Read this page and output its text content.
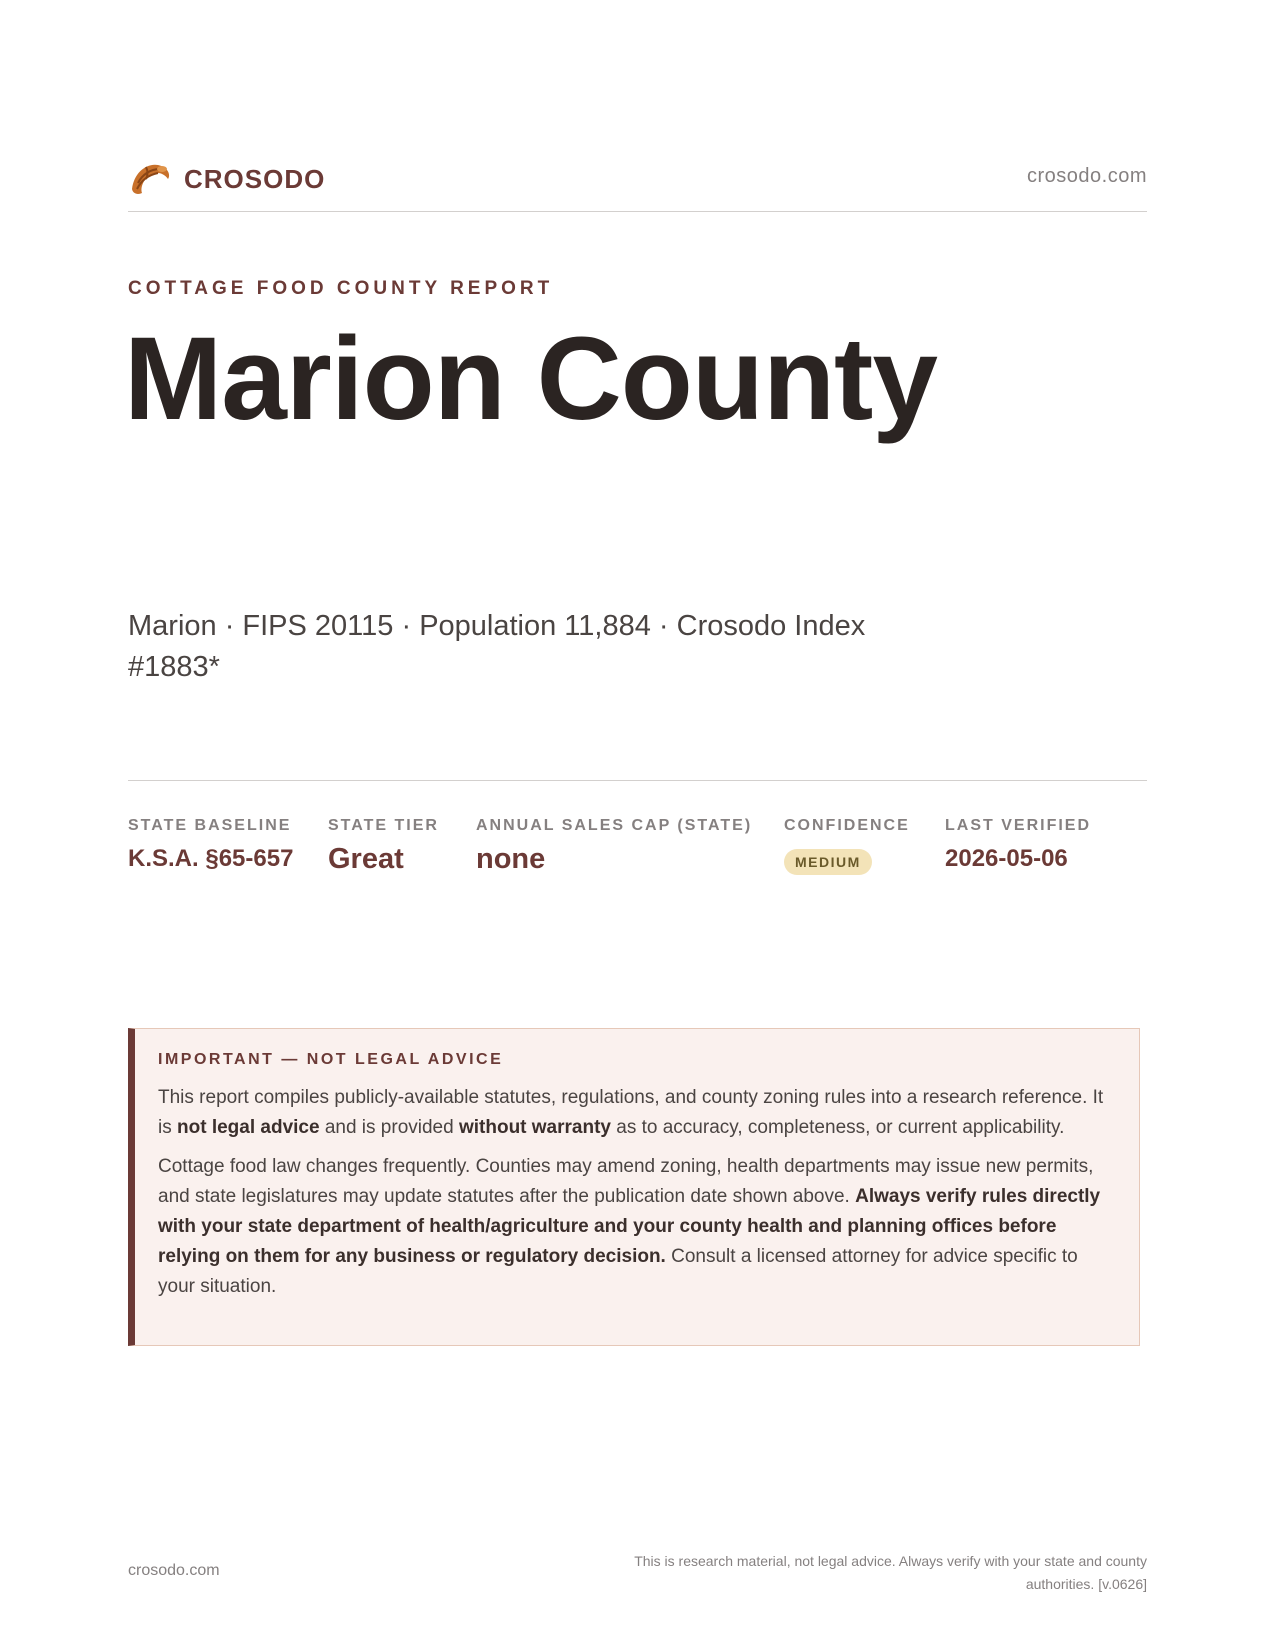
CROSODO	crosodo.com
COTTAGE FOOD COUNTY REPORT
Marion County
Marion · FIPS 20115 · Population 11,884 · Crosodo Index #1883*
STATE BASELINE
K.S.A. §65-657
STATE TIER
Great
ANNUAL SALES CAP (STATE)
none
CONFIDENCE
MEDIUM
LAST VERIFIED
2026-05-06
IMPORTANT — NOT LEGAL ADVICE

This report compiles publicly-available statutes, regulations, and county zoning rules into a research reference. It is not legal advice and is provided without warranty as to accuracy, completeness, or current applicability.

Cottage food law changes frequently. Counties may amend zoning, health departments may issue new permits, and state legislatures may update statutes after the publication date shown above. Always verify rules directly with your state department of health/agriculture and your county health and planning offices before relying on them for any business or regulatory decision. Consult a licensed attorney for advice specific to your situation.

crosodo.com
This is research material, not legal advice. Always verify with your state and county authorities. [v.0626]
